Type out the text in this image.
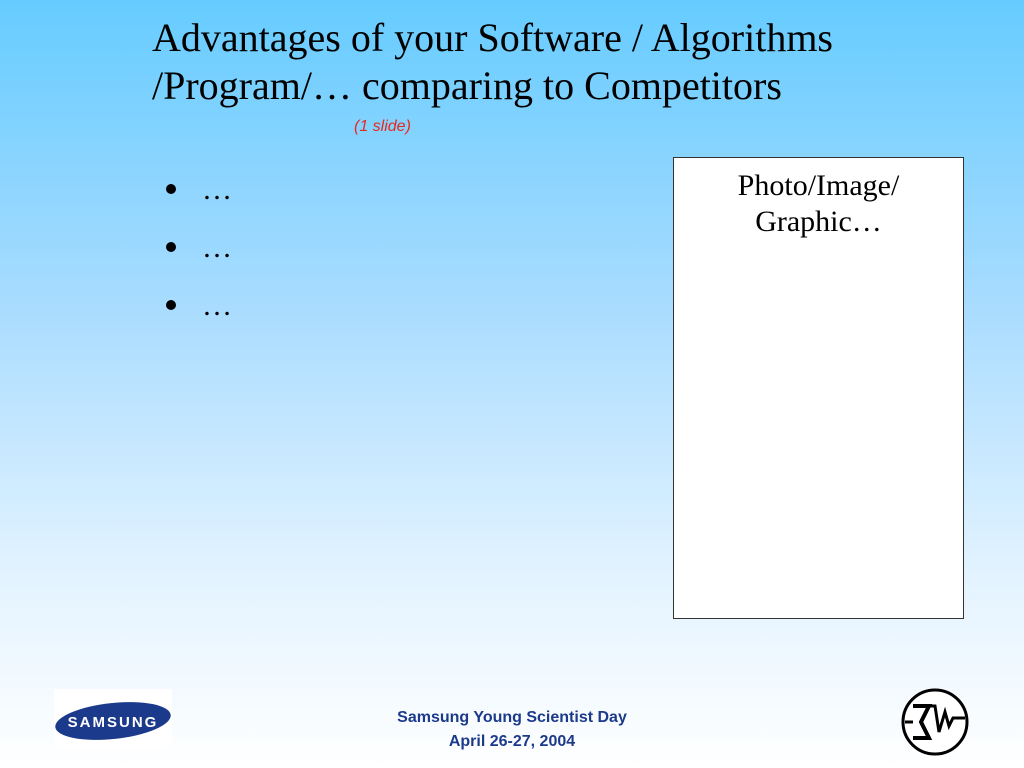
Advantages of your Software / Algorithms
/Program/… comparing to Competitors
(1 slide)
…
…
…
Photo/Image/ Graphic…
SAMSUNG	Samsung Young Scientist Day
April 26-27, 2004
